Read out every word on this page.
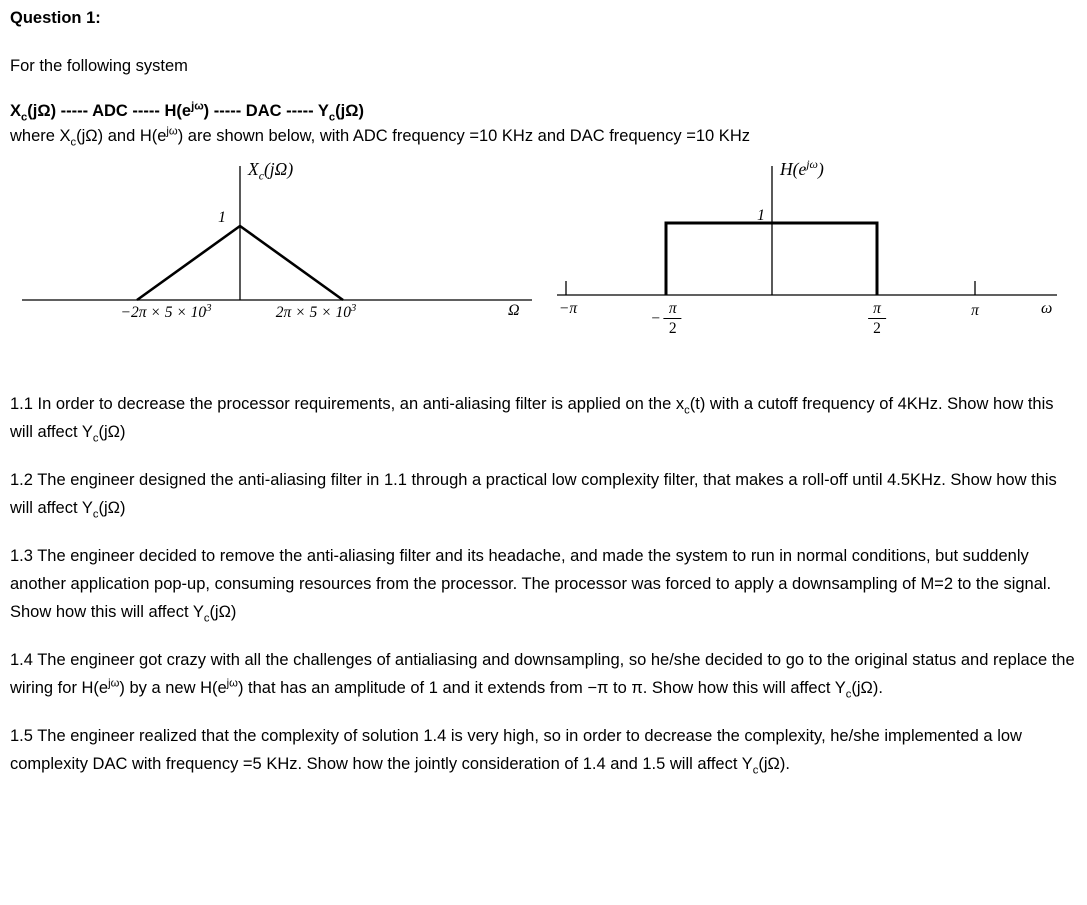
Question 1:

For the following system

$X_c(j\Omega)$ ----- ADC ----- $H(e^{j\omega})$ ----- DAC ----- $Y_c(j\Omega)$

where $X_c(j\Omega)$ and $H(e^{j\omega})$ are shown below, with ADC frequency =10 KHz and DAC frequency =10 KHz

$X_c(j\Omega)$
1
$-2\pi \times 5 \times 10^3$	$2\pi \times 5 \times 10^3$	Ω
$H(e^{j\omega})$
1
−π
− $\frac{\pi}{2}$	$\frac{\pi}{2}$	π	ω

1.1 In order to decrease the processor requirements, an anti-aliasing filter is applied on the $x_c(t)$ with a cutoff frequency of 4KHz. Show how this will affect $Y_c(j\Omega)$

1.2 The engineer designed the anti-aliasing filter in 1.1 through a practical low complexity filter, that makes a roll-off until 4.5KHz. Show how this will affect $Y_c(j\Omega)$

1.3 The engineer decided to remove the anti-aliasing filter and its headache, and made the system to run in normal conditions, but suddenly another application pop-up, consuming resources from the processor. The processor was forced to apply a downsampling of M=2 to the signal. Show how this will affect $Y_c(j\Omega)$

1.4 The engineer got crazy with all the challenges of antialiasing and downsampling, so he/she decided to go to the original status and replace the wiring for $H(e^{j\omega})$ by a new $H(e^{j\omega})$ that has an amplitude of 1 and it extends from −π to π. Show how this will affect $Y_c(j\Omega)$.

1.5 The engineer realized that the complexity of solution 1.4 is very high, so in order to decrease the complexity, he/she implemented a low complexity DAC with frequency =5 KHz. Show how the jointly consideration of 1.4 and 1.5 will affect $Y_c(j\Omega)$.
